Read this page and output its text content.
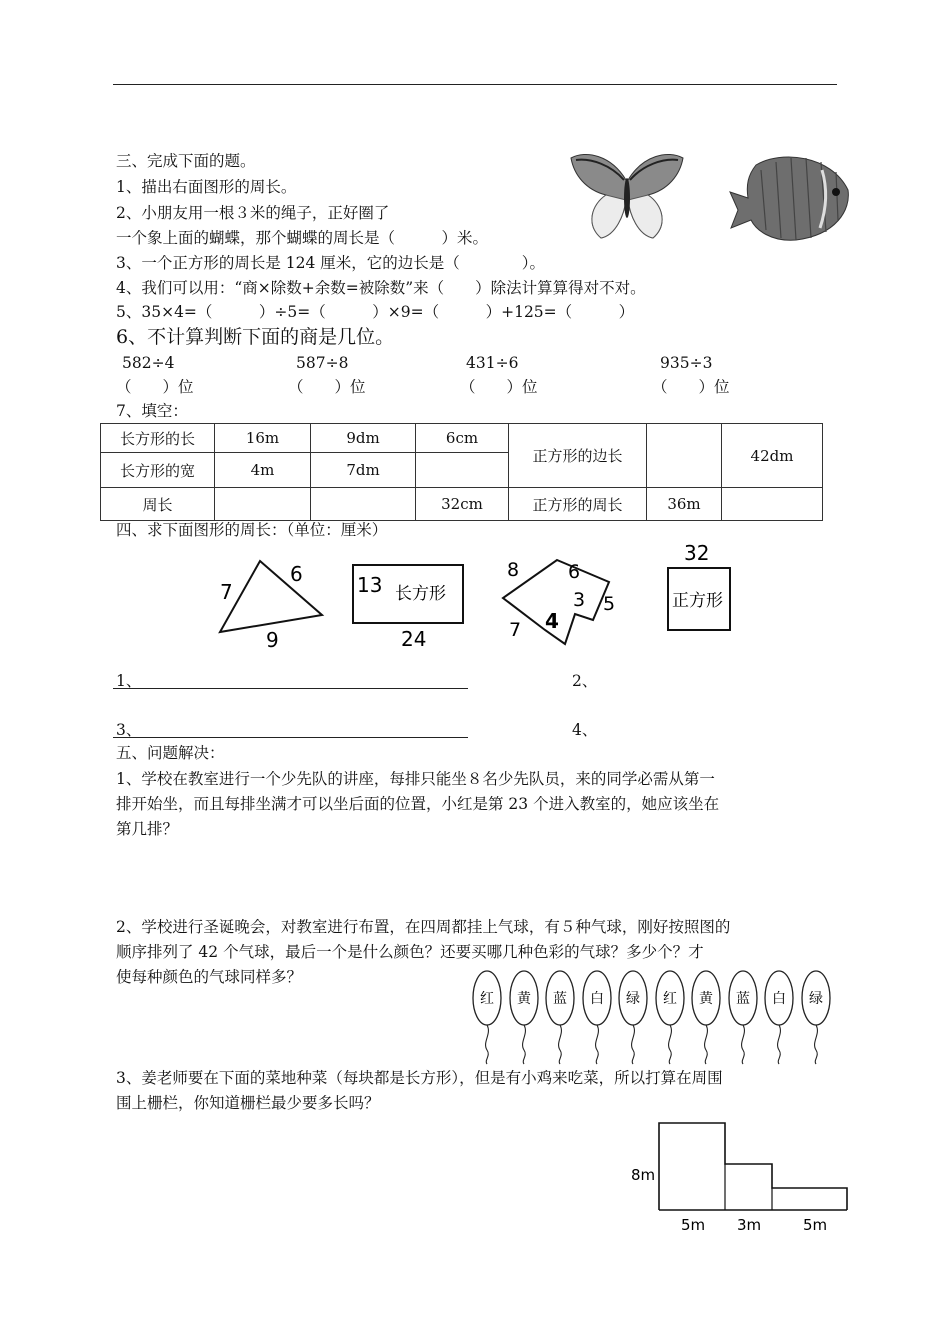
三、完成下面的题。
1、描出右面图形的周长。
2、小朋友用一根３米的绳子，正好圈了
一个象上面的蝴蝶，那个蝴蝶的周长是（　　　）米。
3、一个正方形的周长是 124 厘米，它的边长是（　　　　）。
4、我们可以用：“商×除数+余数=被除数”来（　　）除法计算算得对不对。
5、35×4=（　　　）÷5=（　　　）×9=（　　　）+125=（　　　）
6、不计算判断下面的商是几位。
582÷4	587÷8	431÷6	935÷3
（　　）位	（　　）位	（　　）位	（　　）位
7、填空：
长方形的长	16m	9dm	6cm	正方形的边长		42dm
长方形的宽	4m	7dm				
周长			32cm	正方形的周长	36m	
四、求下面图形的周长：（单位：厘米）
7
6
9
13 长方形
24
8	6
3 5
4
7
32
正方形
1、	2、
3、	4、
五、问题解决：
1、学校在教室进行一个少先队的讲座，每排只能坐８名少先队员，来的同学必需从第一
排开始坐，而且每排坐满才可以坐后面的位置，小红是第 23 个进入教室的，她应该坐在
第几排？
2、学校进行圣诞晚会，对教室进行布置，在四周都挂上气球，有５种气球，刚好按照图的
顺序排列了 42 个气球，最后一个是什么颜色？还要买哪几种色彩的气球？多少个？才
使每种颜色的气球同样多？
红 黄 蓝 白 绿 红 黄 蓝 白 绿
3、姜老师要在下面的菜地种菜（每块都是长方形），但是有小鸡来吃菜，所以打算在周围
围上栅栏，你知道栅栏最少要多长吗？
8m
5m 3m	5m
